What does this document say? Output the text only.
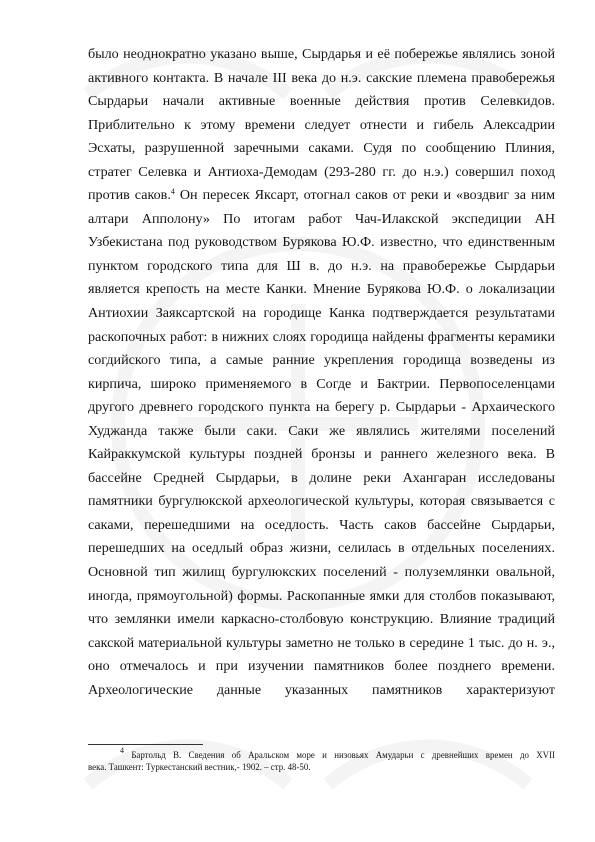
было неоднократно указано выше, Сырдарья и её побережье являлись зоной
активного контакта. В начале III века до н.э. сакские племена правобережья
Сырдарьи начали активные военные действия против Селевкидов.
Приблительно к этому времени следует отнести и гибель Алексадрии
Эсхаты, разрушенной заречными саками. Судя по сообщению Плиния,
стратег Селевка и Антиоха-Демодам (293-280 гг. до н.э.) совершил поход
против саков.$^4$ Он пересек Яксарт, отогнал саков от реки и «воздвиг за ним
алтари Апполону» По итогам работ Чач-Илакской экспедиции АН
Узбекистана под руководством Бурякова Ю.Ф. известно, что единственным
пунктом городского типа для Ш в. до н.э. на правобережье Сырдарьи
является крепость на месте Канки. Мнение Бурякова Ю.Ф. о локализации
Антиохии Заяксартской на городище Канка подтверждается результатами
раскопочных работ: в нижних слоях городища найдены фрагменты керамики
согдийского типа, а самые ранние укрепления городища возведены из
кирпича, широко применяемого в Согде и Бактрии. Первопоселенцами
другого древнего городского пункта на берегу р. Сырдарьи - Архаического
Худжанда также были саки. Саки же являлись жителями поселений
Кайраккумской культуры поздней бронзы и раннего железного века. В
бассейне Средней Сырдарьи, в долине реки Ахангаран исследованы
памятники бургулюкской археологической культуры, которая связывается с
саками, перешедшими на оседлость. Часть саков бассейне Сырдарьи,
перешедших на оседлый образ жизни, селилась в отдельных поселениях.
Основной тип жилищ бургулюкских поселений - полуземлянки овальной,
иногда, прямоугольной) формы. Раскопанные ямки для столбов показывают,
что землянки имели каркасно-столбовую конструкцию. Влияние традиций
сакской материальной культуры заметно не только в середине 1 тыс. до н. э.,
оно отмечалось и при изучении памятников более позднего времени.
Археологические данные указанных памятников характеризуют
$^4$ Бартольд В. Сведения об Аральском море и низовьях Амударьи с древнейших времен до XVII
века. Ташкент: Туркестанский вестник,- 1902. – стр. 48-50.
